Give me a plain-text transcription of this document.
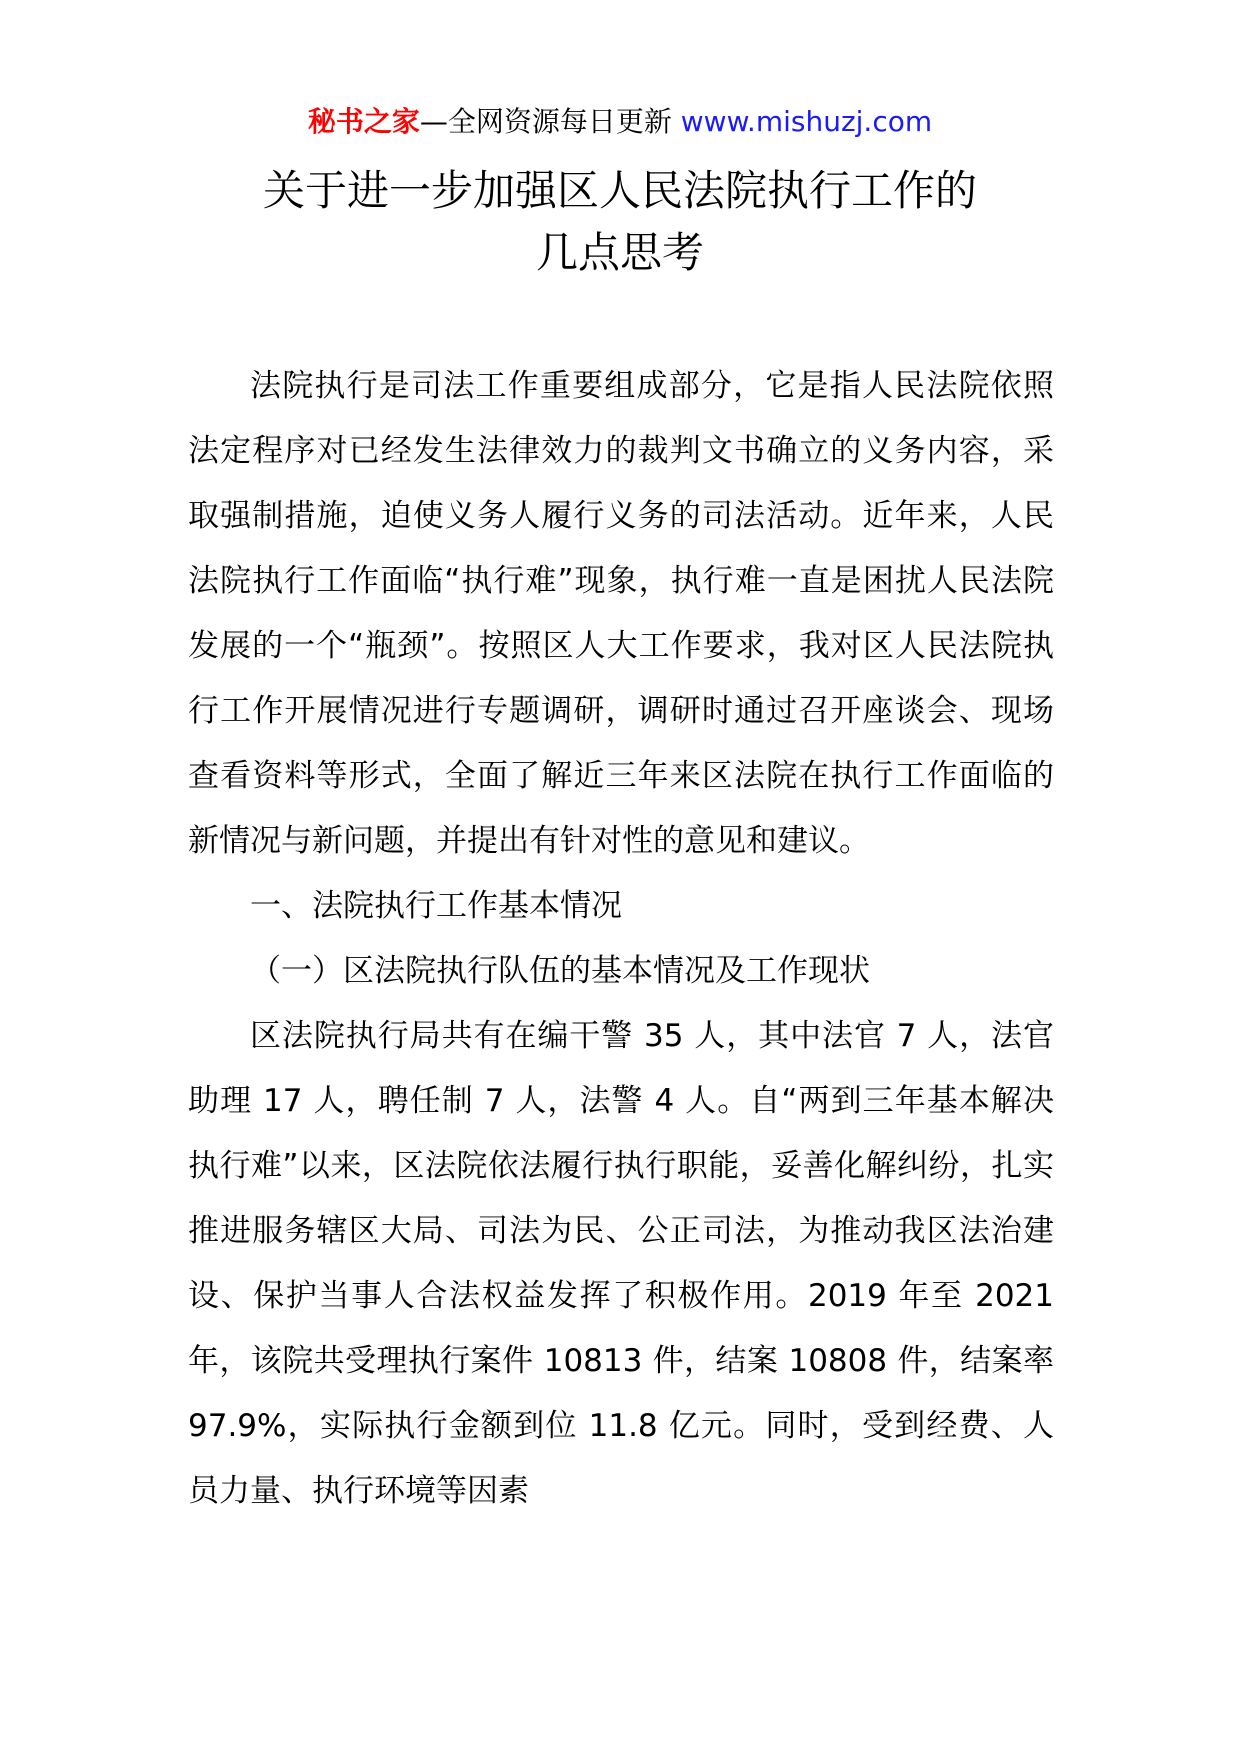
秘书之家—全网资源每日更新 www.mishuzj.com
关于进一步加强区人民法院执行工作的
几点思考

法院执行是司法工作重要组成部分，它是指人民法院依照法定程序对已经发生法律效力的裁判文书确立的义务内容，采取强制措施，迫使义务人履行义务的司法活动。近年来，人民法院执行工作面临“执行难”现象，执行难一直是困扰人民法院发展的一个“瓶颈”。按照区人大工作要求，我对区人民法院执行工作开展情况进行专题调研，调研时通过召开座谈会、现场查看资料等形式，全面了解近三年来区法院在执行工作面临的新情况与新问题，并提出有针对性的意见和建议。

一、法院执行工作基本情况

（一）区法院执行队伍的基本情况及工作现状

区法院执行局共有在编干警 35 人，其中法官 7 人，法官助理 17 人，聘任制 7 人，法警 4 人。自“两到三年基本解决执行难”以来，区法院依法履行执行职能，妥善化解纠纷，扎实推进服务辖区大局、司法为民、公正司法，为推动我区法治建设、保护当事人合法权益发挥了积极作用。2019 年至 2021 年，该院共受理执行案件 10813 件，结案 10808 件，结案率 97.9%，实际执行金额到位 11.8 亿元。同时，受到经费、人员力量、执行环境等因素
